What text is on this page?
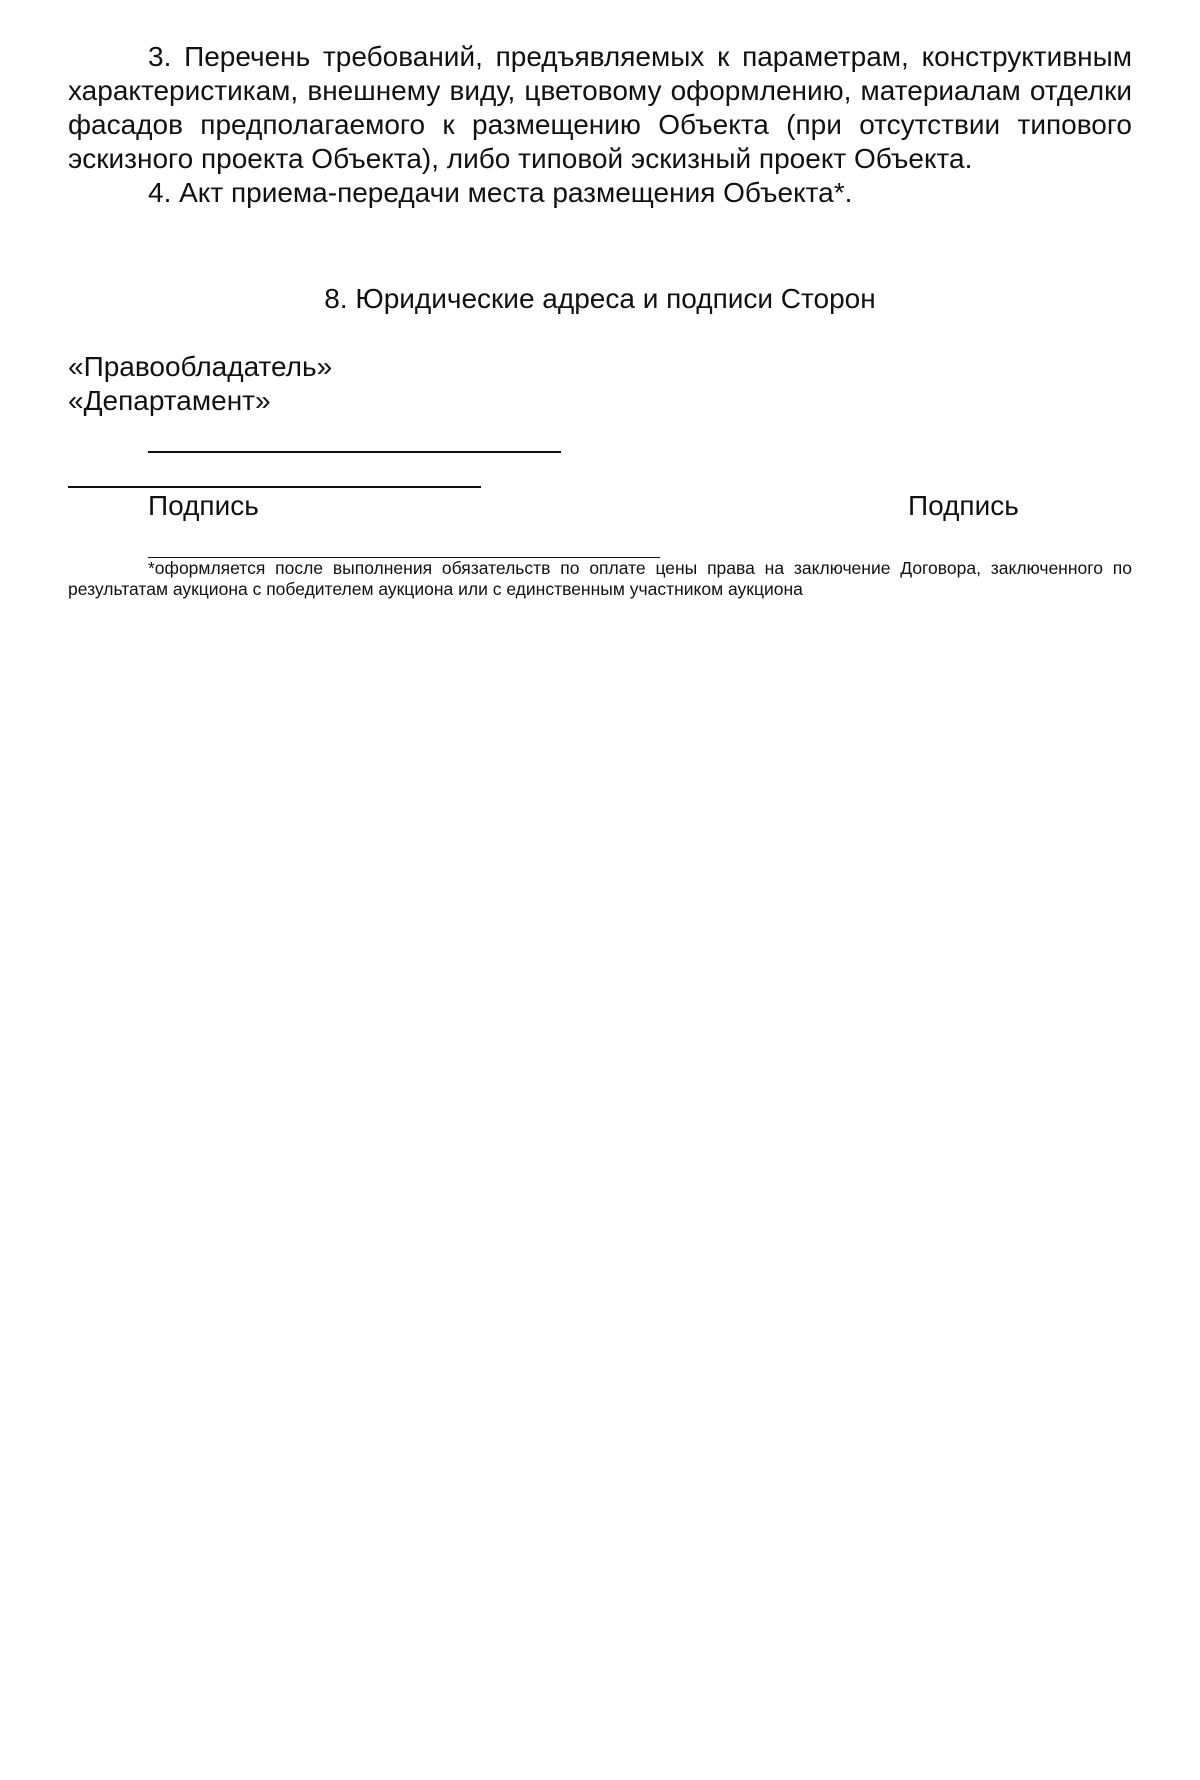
3. Перечень требований, предъявляемых к параметрам, конструктивным характеристикам, внешнему виду, цветовому оформлению, материалам отделки фасадов предполагаемого к размещению Объекта (при отсутствии типового эскизного проекта Объекта), либо типовой эскизный проект Объекта.

4. Акт приема-передачи места размещения Объекта*.

8. Юридические адреса и подписи Сторон
«Правообладатель»
«Департамент»
Подпись	Подпись

*оформляется после выполнения обязательств по оплате цены права на заключение Договора, заключенного по результатам аукциона с победителем аукциона или с единственным участником аукциона
